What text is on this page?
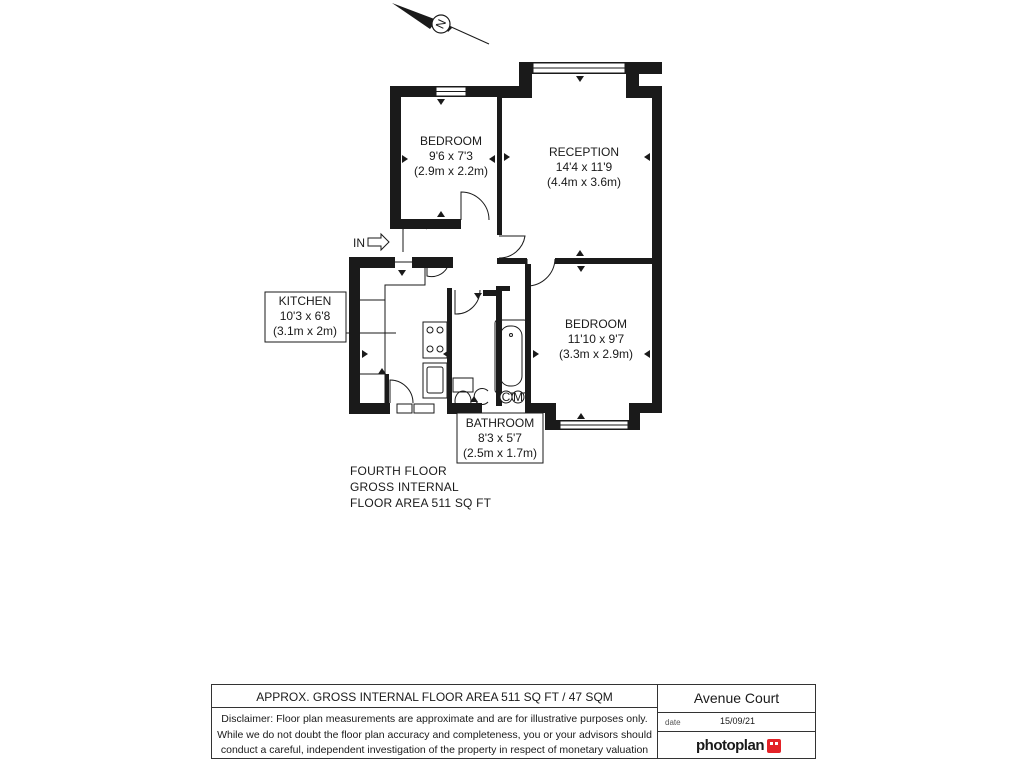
N
IN
BEDROOM
9'6 x 7'3
(2.9m x 2.2m)
RECEPTION
14'4 x 11'9
(4.4m x 3.6m)
KITCHEN
10'3 x 6'8
(3.1m x 2m)	BEDROOM
11'10 x 9'7
(3.3m x 2.9m)
BATHROOM
8'3 x 5'7
(2.5m x 1.7m)
C M
FOURTH FLOOR
GROSS INTERNAL
FLOOR AREA 511 SQ FT
APPROX. GROSS INTERNAL FLOOR AREA 511 SQ FT / 47 SQM
Disclaimer: Floor plan measurements are approximate and are for illustrative purposes only.
While we do not doubt the floor plan accuracy and completeness, you or your advisors should
conduct a careful, independent investigation of the property in respect of monetary valuation
Avenue Court
date	15/09/21
photoplan
